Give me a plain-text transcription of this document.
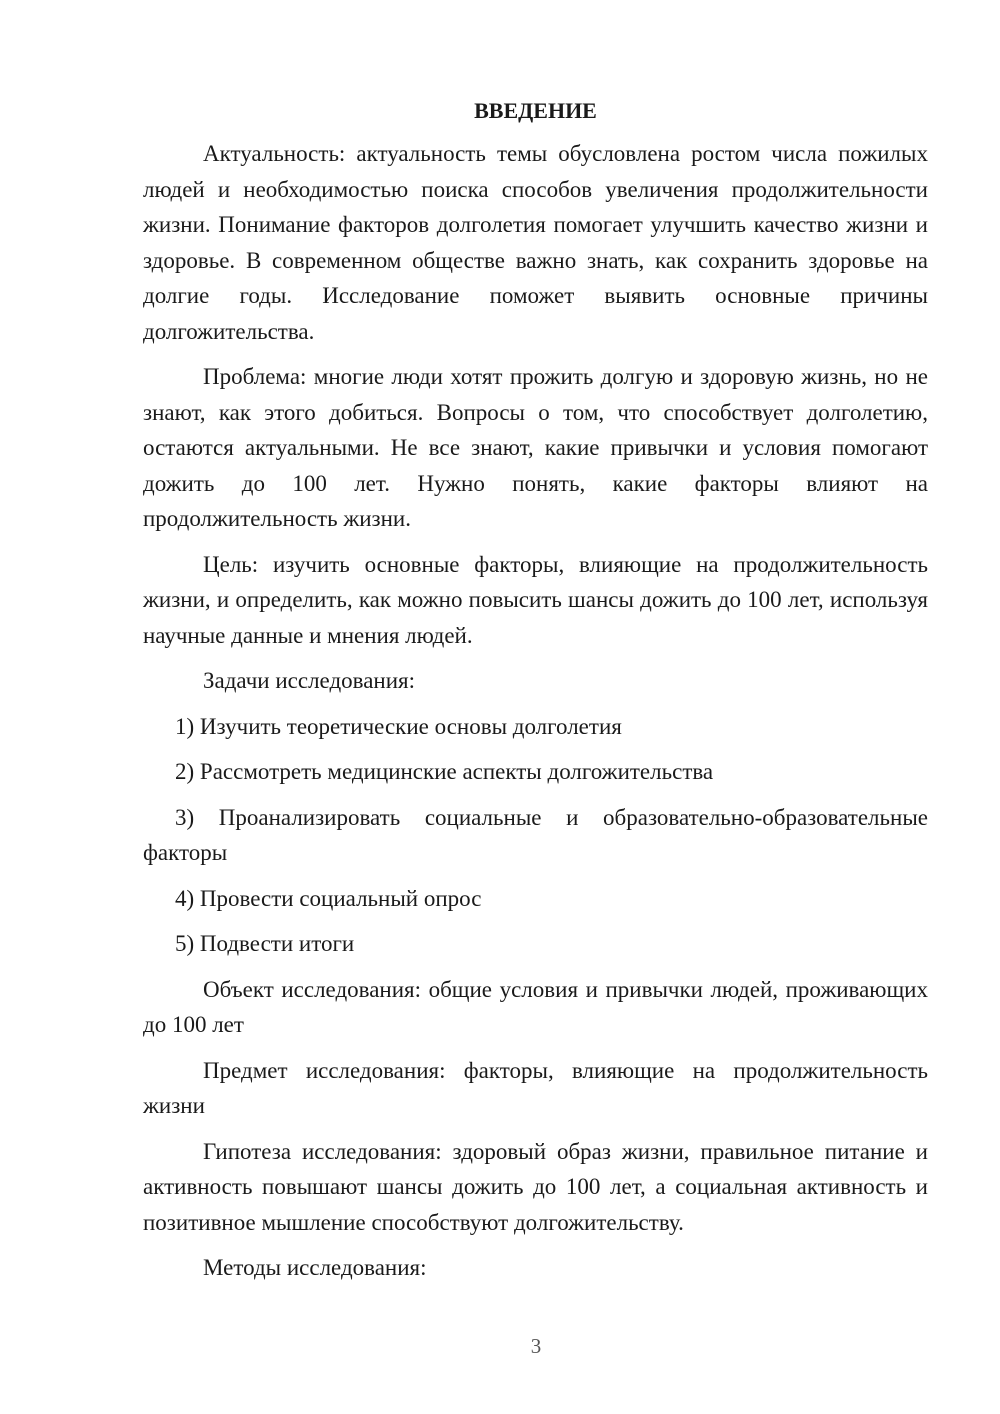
ВВЕДЕНИЕ

Актуальность: актуальность темы обусловлена ростом числа пожилых людей и необходимостью поиска способов увеличения продолжительности жизни. Понимание факторов долголетия помогает улучшить качество жизни и здоровье. В современном обществе важно знать, как сохранить здоровье на долгие годы. Исследование поможет выявить основные причины долгожительства.

Проблема: многие люди хотят прожить долгую и здоровую жизнь, но не знают, как этого добиться. Вопросы о том, что способствует долголетию, остаются актуальными. Не все знают, какие привычки и условия помогают дожить до 100 лет. Нужно понять, какие факторы влияют на продолжительность жизни.

Цель: изучить основные факторы, влияющие на продолжительность жизни, и определить, как можно повысить шансы дожить до 100 лет, используя научные данные и мнения людей.

Задачи исследования:

1) Изучить теоретические основы долголетия

2) Рассмотреть медицинские аспекты долгожительства

3) Проанализировать социальные и образовательно-образовательные факторы

4) Провести социальный опрос

5) Подвести итоги

Объект исследования: общие условия и привычки людей, проживающих до 100 лет

Предмет исследования: факторы, влияющие на продолжительность жизни

Гипотеза исследования: здоровый образ жизни, правильное питание и активность повышают шансы дожить до 100 лет, а социальная активность и позитивное мышление способствуют долгожительству.

Методы исследования:

3
